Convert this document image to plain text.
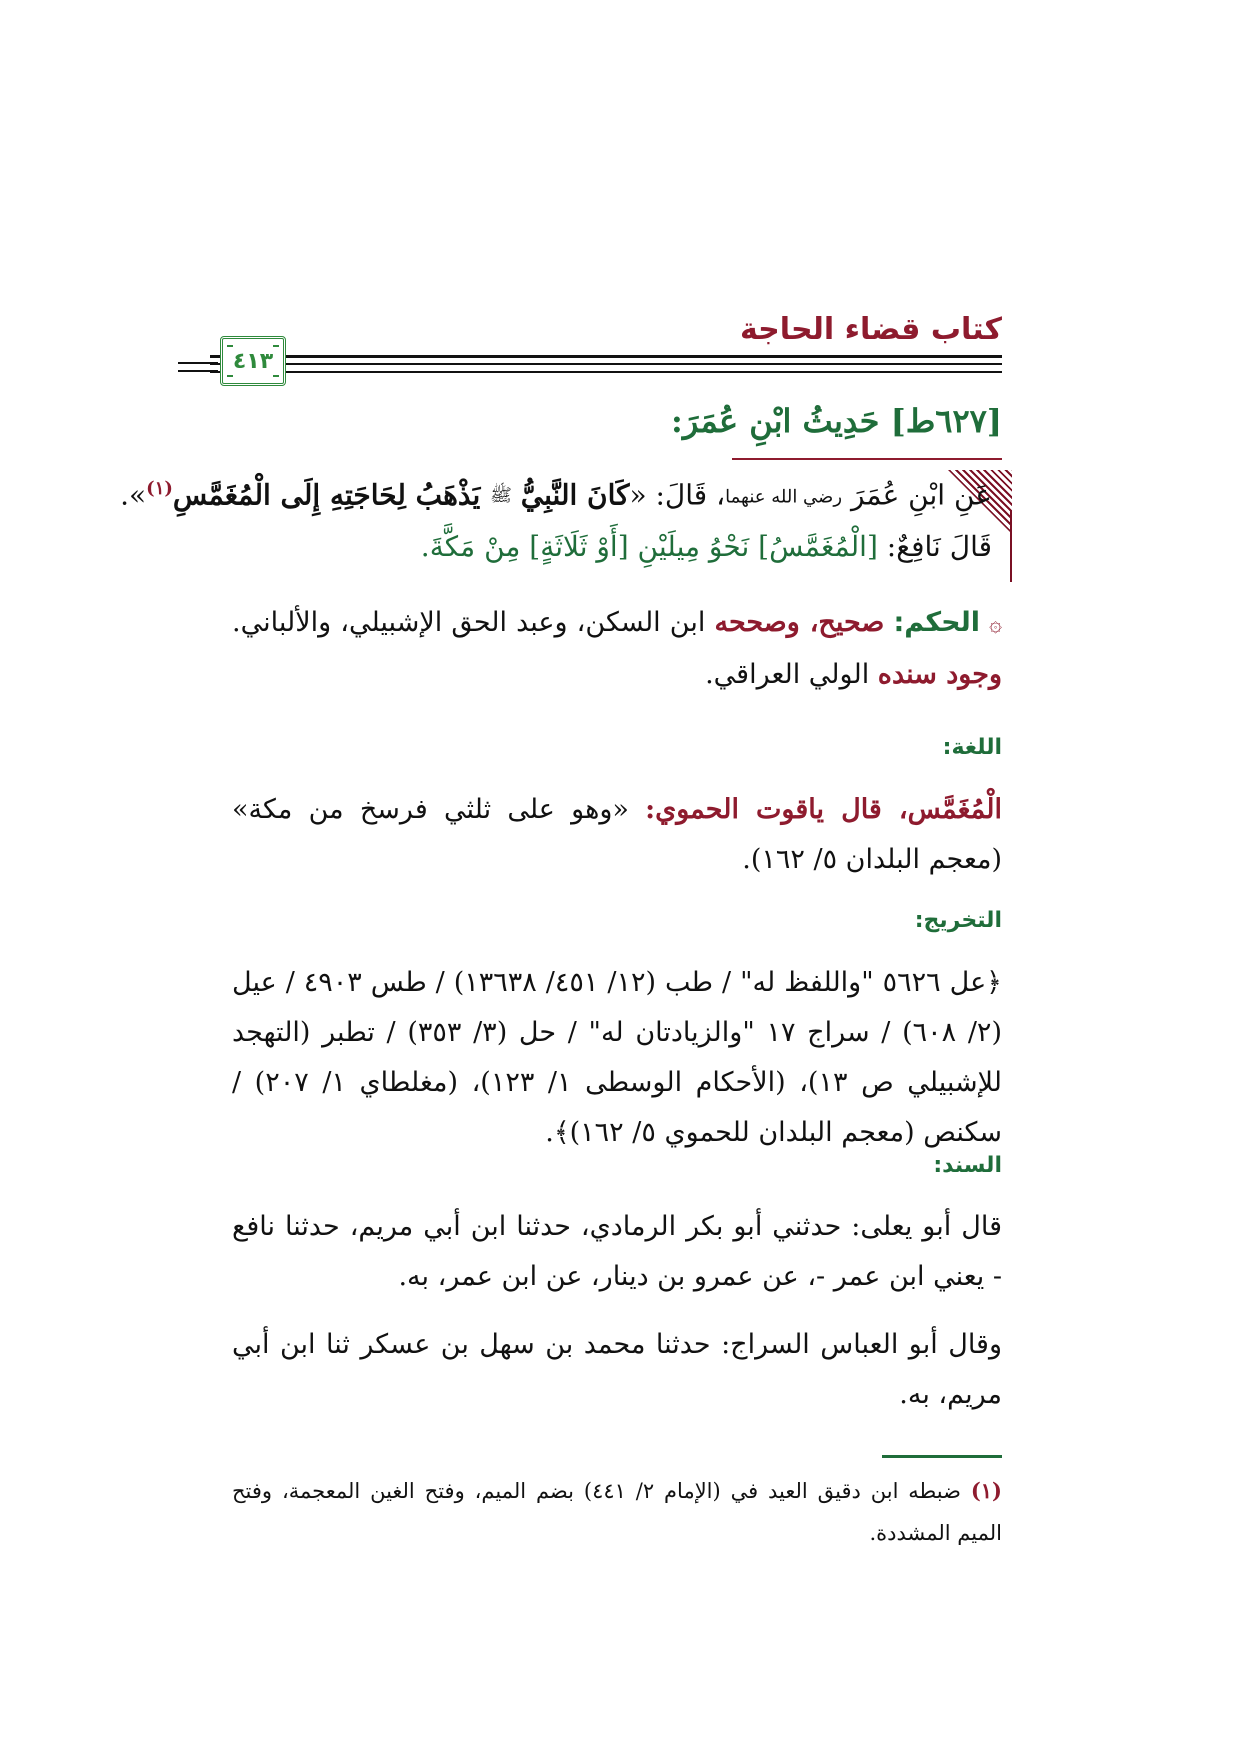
كتاب قضاء الحاجة
٤١٣
[٦٢٧ط] حَدِيثُ ابْنِ عُمَرَ:
عَنِ ابْنِ عُمَرَ رضي الله عنهما، قَالَ: «كَانَ النَّبِيُّ ﷺ يَذْهَبُ لِحَاجَتِهِ إِلَى الْمُغَمَّسِ$^{(١)}$».
قَالَ نَافِعٌ: [الْمُغَمَّسُ] نَحْوُ مِيلَيْنِ [أَوْ ثَلَاثَةٍ] مِنْ مَكَّةَ.
۞ الحكم: صحيح، وصححه ابن السكن، وعبد الحق الإشبيلي، والألباني. وجود سنده الولي العراقي.
اللغة:
الْمُغَمَّس، قال ياقوت الحموي: «وهو على ثلثي فرسخ من مكة» (معجم البلدان ٥/ ١٦٢).
التخريج:
﴿عل ٥٦٢٦ "واللفظ له" / طب (١٢/ ٤٥١/ ١٣٦٣٨) / طس ٤٩٠٣ / عيل (٢/ ٦٠٨) / سراج ١٧ "والزيادتان له" / حل (٣/ ٣٥٣) / تطبر (التهجد للإشبيلي ص ١٣)، (الأحكام الوسطى ١/ ١٢٣)، (مغلطاي ١/ ٢٠٧) / سكنص (معجم البلدان للحموي ٥/ ١٦٢)﴾.
السند:
قال أبو يعلى: حدثني أبو بكر الرمادي، حدثنا ابن أبي مريم، حدثنا نافع - يعني ابن عمر -، عن عمرو بن دينار، عن ابن عمر، به.
وقال أبو العباس السراج: حدثنا محمد بن سهل بن عسكر ثنا ابن أبي مريم، به.
(١) ضبطه ابن دقيق العيد في (الإمام ٢/ ٤٤١) بضم الميم، وفتح الغين المعجمة، وفتح الميم المشددة.
